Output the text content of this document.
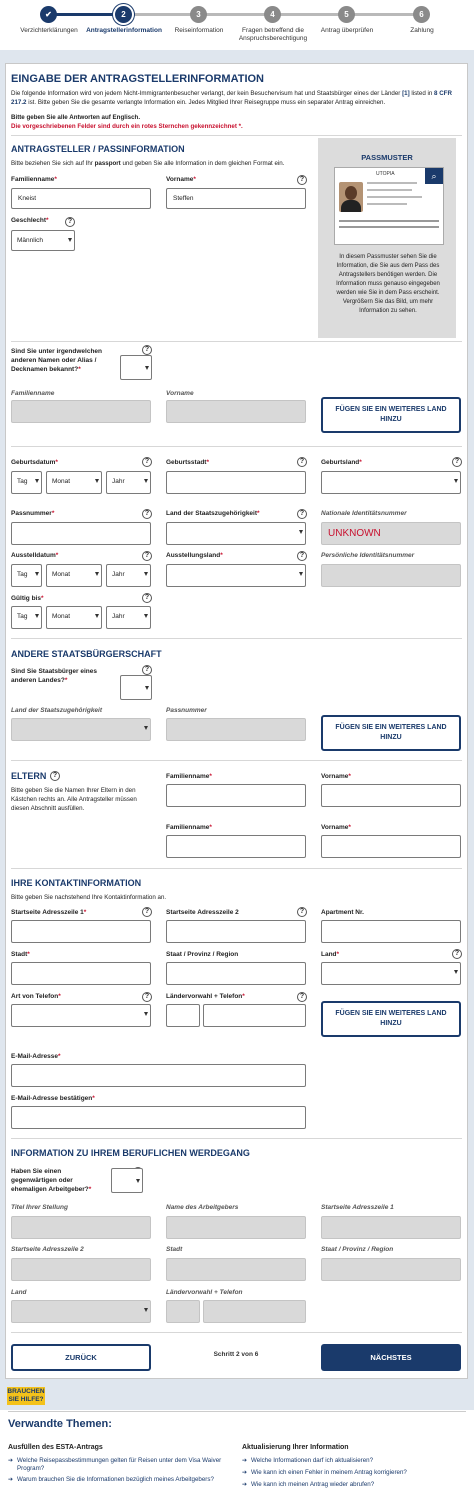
✔	2	3	4	5	6
Verzichterklärungen	Antragstellerinformation	Reiseinformation	Fragen betreffend die Anspruchsberechtigung
Antrag überprüfen	Zahlung
EINGABE DER ANTRAGSTELLERINFORMATION
Die folgende Information wird von jedem Nicht-Immigrantenbesucher verlangt, der kein Besuchervisum hat und Staatsbürger eines der Länder [1] listed in 8 CFR 217.2 ist. Bitte geben Sie die gesamte verlangte Information ein. Jedes Mitglied Ihrer Reisegruppe muss ein separater Antrag einreichen.
Bitte geben Sie alle Antworten auf Englisch.
Die vorgeschriebenen Felder sind durch ein rotes Sternchen gekennzeichnet *.
ANTRAGSTELLER / PASSINFORMATION
Bitte beziehen Sie sich auf Ihr passport und geben Sie alle Information in dem gleichen Format ein.
Familienname*
Kneist
Vorname*	?
Steffen
Geschlecht*	?
Männlich
PASSMUSTER
UTOPIA	⌕
In diesem Passmuster sehen Sie die Information, die Sie aus dem Pass des Antragstellers benötigen werden. Die Information muss genauso eingegeben werden wie Sie in dem Pass erscheint. Vergrößern Sie das Bild, um mehr Information zu sehen.
Sind Sie unter irgendwelchen anderen Namen oder Alias / Decknamen bekannt?*
?
Familienname	Vorname
FÜGEN SIE EIN WEITERES LAND HINZU
Geburtsdatum*	?
Tag	Monat	Jahr
Geburtsstadt*	?	Geburtsland*	?
Passnummer*	?	Land der Staatszugehörigkeit*	?	Nationale Identitätsnummer
UNKNOWN
Ausstelldatum*	?
Tag	Monat	Jahr
Ausstellungsland*	?	Persönliche Identitätsnummer
Gültig bis*	?
Tag	Monat	Jahr
ANDERE STAATSBÜRGERSCHAFT
Sind Sie Staatsbürger eines anderen Landes?*
?
Land der Staatszugehörigkeit	Passnummer
FÜGEN SIE EIN WEITERES LAND HINZU
ELTERN ?
Bitte geben Sie die Namen Ihrer Eltern in den Kästchen rechts an. Alle Antragsteller müssen diesen Abschnitt ausfüllen.
Familienname*	Vorname*
Familienname*	Vorname*
IHRE KONTAKTINFORMATION
Bitte geben Sie nachstehend Ihre Kontaktinformation an.
Startseite Adresszeile 1*	?	Startseite Adresszeile 2	?	Apartment Nr.
Stadt*	Staat / Provinz / Region	Land*	?
Art von Telefon*	?	Ländervorwahl + Telefon*	?
FÜGEN SIE EIN WEITERES LAND HINZU
E-Mail-Adresse*
E-Mail-Adresse bestätigen*
INFORMATION ZU IHREM BERUFLICHEN WERDEGANG
Haben Sie einen gegenwärtigen oder ehemaligen Arbeitgeber?*
Titel Ihrer Stellung	Name des Arbeitgebers	Startseite Adresszeile 1
Startseite Adresszeile 2	Stadt	Staat / Provinz / Region
Land	Ländervorwahl + Telefon
ZURÜCK	Schritt 2 von 6	NÄCHSTES
BRAUCHEN SIE HILFE?
Verwandte Themen:
Ausfüllen des ESTA-Antrags
➔ Welche Reisepassbestimmungen gelten für Reisen unter dem Visa Waiver Program?
➔ Warum brauchen Sie die Informationen bezüglich meines Arbeitgebers?
Aktualisierung Ihrer Information
➔ Welche Informationen darf ich aktualisieren?
➔ Wie kann ich einen Fehler in meinem Antrag korrigieren?
➔ Wie kann ich meinen Antrag wieder abrufen?
